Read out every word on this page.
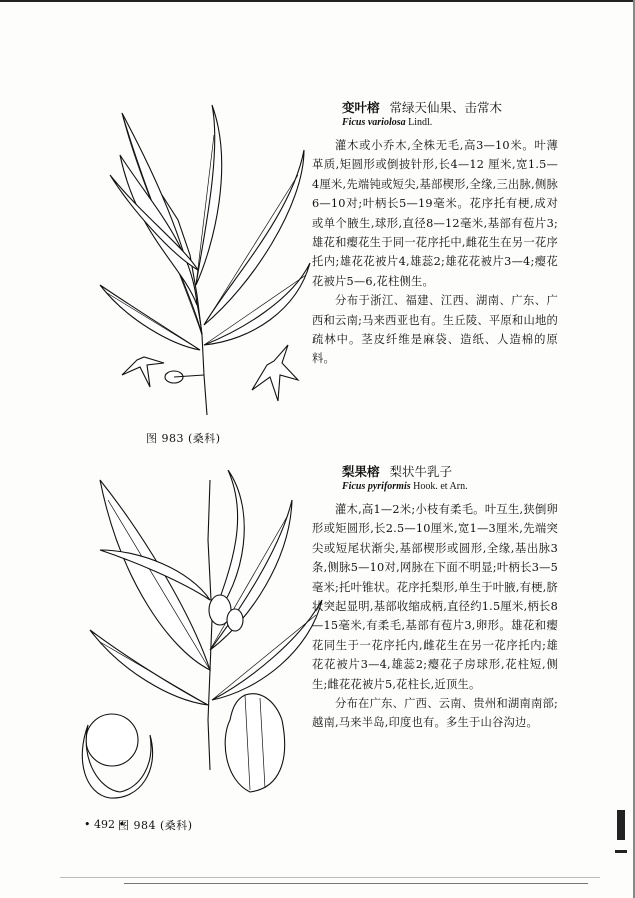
图 983 (桑科)
变叶榕 常绿天仙果、击常木
Ficus variolosa Lindl.

灌木或小乔木,全株无毛,高3—10米。叶薄革质,矩圆形或倒披针形,长4—12 厘米,宽1.5—4厘米,先端钝或短尖,基部楔形,全缘,三出脉,侧脉6—10对;叶柄长5—19毫米。花序托有梗,成对或单个腋生,球形,直径8—12毫米,基部有苞片3;雄花和瘿花生于同一花序托中,雌花生在另一花序托内;雄花花被片4,雄蕊2;雄花花被片3—4;瘿花花被片5—6,花柱侧生。

分布于浙江、福建、江西、湖南、广东、广西和云南;马来西亚也有。生丘陵、平原和山地的疏林中。茎皮纤维是麻袋、造纸、人造棉的原料。

图 984 (桑科)
梨果榕 梨状牛乳子
Ficus pyriformis Hook. et Arn.

灌木,高1—2米;小枝有柔毛。叶互生,狭倒卵形或矩圆形,长2.5—10厘米,宽1—3厘米,先端突尖或短尾状渐尖,基部楔形或圆形,全缘,基出脉3条,侧脉5—10对,网脉在下面不明显;叶柄长3—5毫米;托叶锥状。花序托梨形,单生于叶腋,有梗,脐状突起显明,基部收缩成柄,直径约1.5厘米,柄长8—15毫米,有柔毛,基部有苞片3,卵形。雄花和瘿花同生于一花序托内,雌花生在另一花序托内;雄花花被片3—4,雄蕊2;瘿花子房球形,花柱短,侧生;雌花花被片5,花柱长,近顶生。

分布在广东、广西、云南、贵州和湖南南部;越南,马来半岛,印度也有。多生于山谷沟边。

• 492 •
